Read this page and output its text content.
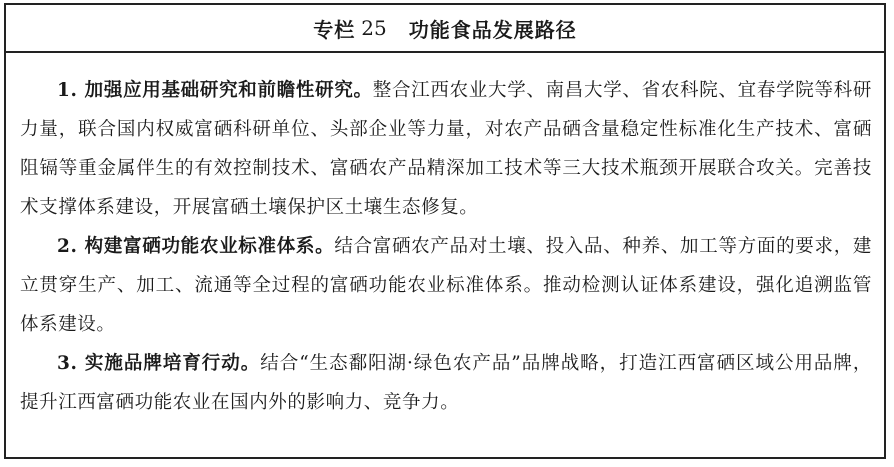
专栏 25 功能食品发展路径

1. 加强应用基础研究和前瞻性研究。整合江西农业大学、南昌大学、省农科院、宜春学院等科研力量，联合国内权威富硒科研单位、头部企业等力量，对农产品硒含量稳定性标准化生产技术、富硒阻镉等重金属伴生的有效控制技术、富硒农产品精深加工技术等三大技术瓶颈开展联合攻关。完善技术支撑体系建设，开展富硒土壤保护区土壤生态修复。

2. 构建富硒功能农业标准体系。结合富硒农产品对土壤、投入品、种养、加工等方面的要求，建立贯穿生产、加工、流通等全过程的富硒功能农业标准体系。推动检测认证体系建设，强化追溯监管体系建设。

3. 实施品牌培育行动。结合“生态鄱阳湖·绿色农产品”品牌战略，打造江西富硒区域公用品牌，提升江西富硒功能农业在国内外的影响力、竞争力。
